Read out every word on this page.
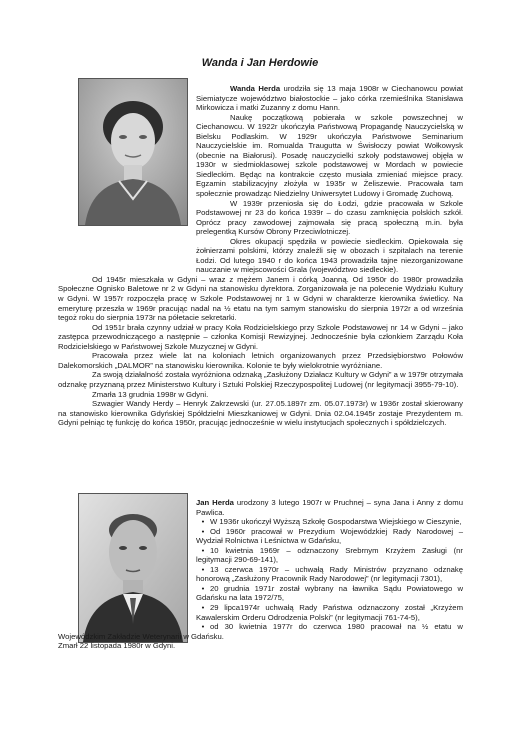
Wanda i Jan Herdowie

Wanda Herda urodziła się 13 maja 1908r w Ciechanowcu powiat Siemiatycze województwo białostockie – jako córka rzemieślnika Stanisława Mirkowicza i matki Zuzanny z domu Hann.

Naukę początkową pobierała w szkole powszechnej w Ciechanowcu. W 1922r ukończyła Państwową Propagandę Nauczycielską w Bielsku Podlaskim. W 1929r ukończyła Państwowe Seminarium Nauczycielskie im. Romualda Traugutta w Świsłoczy powiat Wołkowysk (obecnie na Białorusi). Posadę nauczycielki szkoły podstawowej objęła w 1930r w siedmioklasowej szkole podstawowej w Mordach w powiecie Siedleckim. Będąc na kontrakcie często musiała zmieniać miejsce pracy. Egzamin stabilizacyjny złożyła w 1935r w Żeliszewie. Pracowała tam społecznie prowadząc Niedzielny Uniwersytet Ludowy i Gromadę Zuchową.

W 1939r przeniosła się do Łodzi, gdzie pracowała w Szkole Podstawowej nr 23 do końca 1939r – do czasu zamknięcia polskich szkół. Oprócz pracy zawodowej zajmowała się pracą społeczną m.in. była prelegentką Kursów Obrony Przeciwlotniczej.

Okres okupacji spędziła w powiecie siedleckim. Opiekowała się żołnierzami polskimi, którzy znaleźli się w obozach i szpitalach na terenie Łodzi. Od lutego 1940 r do końca 1943 prowadziła tajne niezorganizowane nauczanie w miejscowości Grala (województwo siedleckie).

Od 1945r mieszkała w Gdyni – wraz z mężem Janem i córką Joanną. Od 1950r do 1980r prowadziła Społeczne Ognisko Baletowe nr 2 w Gdyni na stanowisku dyrektora. Zorganizowała je na polecenie Wydziału Kultury w Gdyni. W 1957r rozpoczęła pracę w Szkole Podstawowej nr 1 w Gdyni w charakterze kierownika świetlicy. Na emeryturę przeszła w 1969r pracując nadal na ½ etatu na tym samym stanowisku do sierpnia 1972r a od września tegoż roku do sierpnia 1973r na półetacie sekretarki.

Od 1951r brała czynny udział w pracy Koła Rodzicielskiego przy Szkole Podstawowej nr 14 w Gdyni – jako zastępca przewodniczącego a następnie – członka Komisji Rewizyjnej. Jednocześnie była członkiem Zarządu Koła Rodzicielskiego w Państwowej Szkole Muzycznej w Gdyni.

Pracowała przez wiele lat na koloniach letnich organizowanych przez Przedsiębiorstwo Połowów Dalekomorskich „DALMOR” na stanowisku kierownika. Kolonie te były wielokrotnie wyróżniane.

Za swoją działalność została wyróżniona odznaką „Zasłużony Działacz Kultury w Gdyni” a w 1979r otrzymała odznakę przyznaną przez Ministerstwo Kultury i Sztuki Polskiej Rzeczypospolitej Ludowej (nr legitymacji 3955-79-10).

Zmarła 13 grudnia 1998r w Gdyni.

Szwagier Wandy Herdy – Henryk Zakrzewski (ur. 27.05.1897r zm. 05.07.1973r) w 1936r został skierowany na stanowisko kierownika Gdyńskiej Spółdzielni Mieszkaniowej w Gdyni. Dnia 02.04.1945r zostaje Prezydentem m. Gdyni pełniąc tę funkcję do końca 1950r, pracując jednocześnie w wielu instytucjach społecznych i spółdzielczych.

Jan Herda urodzony 3 lutego 1907r w Pruchnej – syna Jana i Anny z domu Pawlica.

• W 1936r ukończył Wyższą Szkołę Gospodarstwa Wiejskiego w Cieszynie,
• Od 1960r pracował w Prezydium Wojewódzkiej Rady Narodowej – Wydział Rolnictwa i Leśnictwa w Gdańsku,
• 10 kwietnia 1969r – odznaczony Srebrnym Krzyżem Zasługi (nr legitymacji 290-69-141),
• 13 czerwca 1970r – uchwałą Rady Ministrów przyznano odznakę honorową „Zasłużony Pracownik Rady Narodowej” (nr legitymacji 7301),
• 20 grudnia 1971r został wybrany na ławnika Sądu Powiatowego w Gdańsku na lata 1972/75,
• 29 lipca1974r uchwałą Rady Państwa odznaczony został „Krzyżem Kawalerskim Orderu Odrodzenia Polski” (nr legitymacji 761-74-5),
• od 30 kwietnia 1977r do czerwca 1980 pracował na ½ etatu w Wojewódzkim Zakładzie Weterynarii w Gdańsku.

Zmarł 22 listopada 1980r w Gdyni.
